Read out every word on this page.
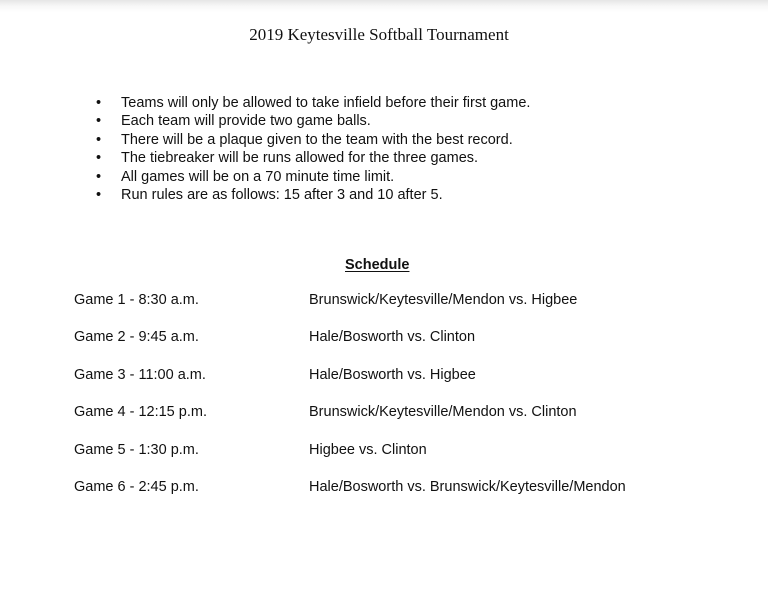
2019 Keytesville Softball Tournament
•	Teams will only be allowed to take infield before their first game.
•	Each team will provide two game balls.
•	There will be a plaque given to the team with the best record.
•	The tiebreaker will be runs allowed for the three games.
•	All games will be on a 70 minute time limit.
•	Run rules are as follows: 15 after 3 and 10 after 5.
Schedule
Game 1 - 8:30 a.m.	Brunswick/Keytesville/Mendon vs. Higbee
Game 2 - 9:45 a.m.	Hale/Bosworth vs. Clinton
Game 3 - 11:00 a.m.	Hale/Bosworth vs. Higbee
Game 4 - 12:15 p.m.	Brunswick/Keytesville/Mendon vs. Clinton
Game 5 - 1:30 p.m.	Higbee vs. Clinton
Game 6 - 2:45 p.m.	Hale/Bosworth vs. Brunswick/Keytesville/Mendon
